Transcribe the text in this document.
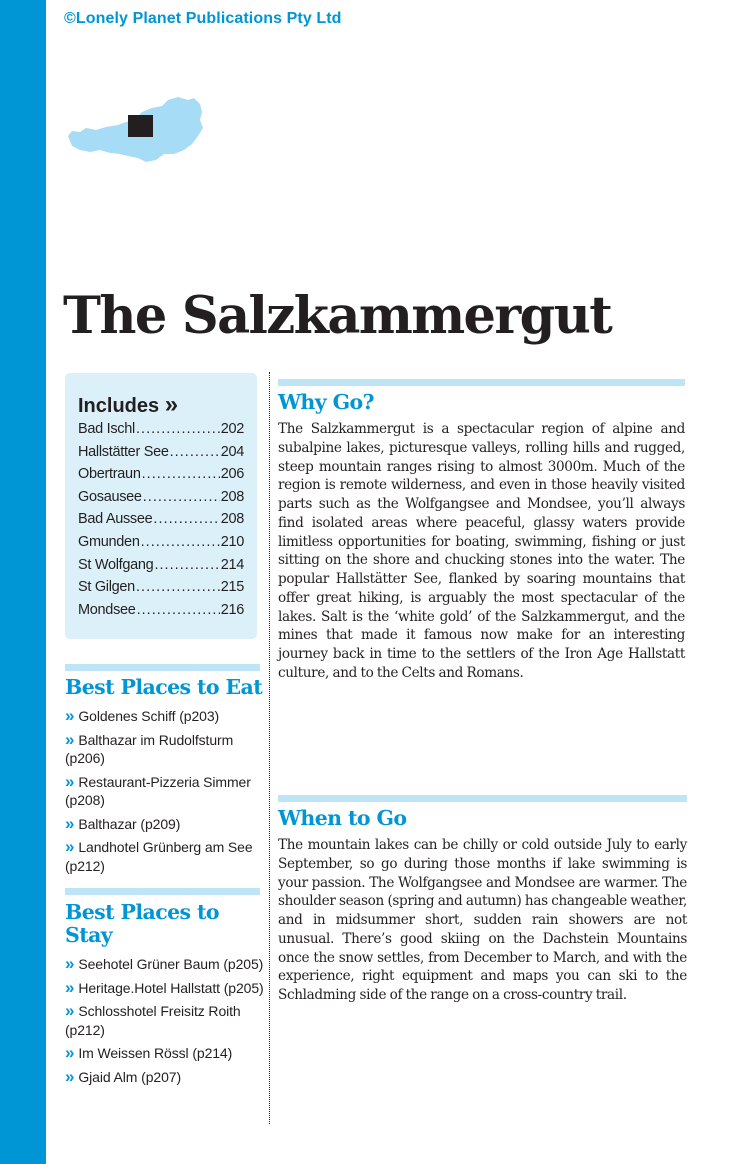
©Lonely Planet Publications Pty Ltd
The Salzkammergut
Includes »
Bad Ischl . . .	202
Hallstätter See . . .	204
Obertraun . . .	206
Gosausee . . .	208
Bad Aussee . . .	208
Gmunden . . .	210
St Wolfgang . . .	214
St Gilgen . . .	215
Mondsee . . .	216
Best Places to Eat
» Goldenes Schiff (p203)
» Balthazar im Rudolfsturm (p206)
» Restaurant-Pizzeria Simmer (p208)
» Balthazar (p209)
» Landhotel Grünberg am See (p212)
Best Places to Stay
» Seehotel Grüner Baum (p205)
» Heritage.Hotel Hallstatt (p205)
» Schlosshotel Freisitz Roith (p212)
» Im Weissen Rössl (p214)
» Gjaid Alm (p207)
Why Go?

The Salzkammergut is a spectacular region of alpine and subalpine lakes, picturesque valleys, rolling hills and rugged, steep mountain ranges rising to almost 3000m. Much of the region is remote wilderness, and even in those heavily visited parts such as the Wolfgangsee and Mondsee, you’ll always find isolated areas where peaceful, glassy waters provide limitless opportunities for boating, swimming, fishing or just sitting on the shore and chucking stones into the water. The popular Hallstätter See, flanked by soaring mountains that offer great hiking, is arguably the most spectacular of the lakes. Salt is the ‘white gold’ of the Salzkammergut, and the mines that made it famous now make for an interesting journey back in time to the settlers of the Iron Age Hallstatt culture, and to the Celts and Romans.

When to Go

The mountain lakes can be chilly or cold outside July to early September, so go during those months if lake swimming is your passion. The Wolfgangsee and Mondsee are warmer. The shoulder season (spring and autumn) has changeable weather, and in midsummer short, sudden rain showers are not unusual. There’s good skiing on the Dachstein Mountains once the snow settles, from December to March, and with the experience, right equipment and maps you can ski to the Schladming side of the range on a cross-country trail.
